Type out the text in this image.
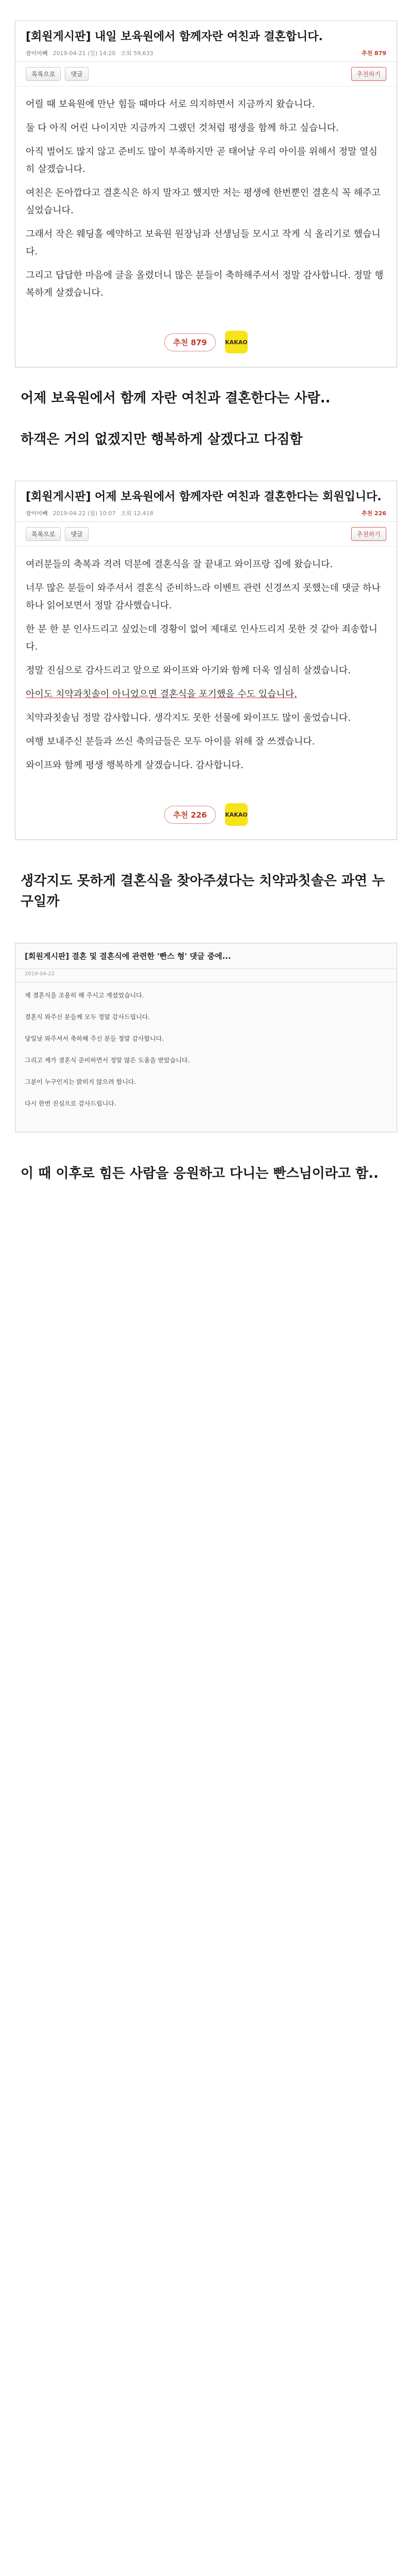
[회원게시판] 내일 보육원에서 함께자란 여친과 결혼합니다.
잠이이빼 2019-04-21 (일) 14:20 조회 59,633	추천 879
목록으로	댓글	추천하기

어릴 때 보육원에 만난 힘들 때마다 서로 의지하면서 지금까지 왔습니다.

둘 다 아직 어린 나이지만 지금까지 그랬던 것처럼 평생을 함께 하고 싶습니다.

아직 벌어도 많지 않고 준비도 많이 부족하지만 곧 태어날 우리 아이를 위해서 정말 열심히 살겠습니다.

여친은 돈아깝다고 결혼식은 하지 말자고 했지만 저는 평생에 한번뿐인 결혼식 꼭 해주고 싶었습니다.

그래서 작은 웨딩홀 예약하고 보육원 원장님과 선생님들 모시고 작게 식 올리기로 했습니다.

그리고 답답한 마음에 글을 올렸더니 많은 분들이 축하해주셔서 정말 감사합니다. 정말 행복하게 살겠습니다.

추천 879	KAKAO

어제 보육원에서 함께 자란 여친과 결혼한다는 사람..

하객은 거의 없겠지만 행복하게 살겠다고 다짐함

[회원게시판] 어제 보육원에서 함께자란 여친과 결혼한다는 회원입니다.
잠이이빼 2019-04-22 (월) 10:07 조회 12,418	추천 226
목록으로	댓글	추천하기

여러분들의 축복과 격려 덕분에 결혼식을 잘 끝내고 와이프랑 집에 왔습니다.

너무 많은 분들이 와주셔서 결혼식 준비하느라 이벤트 관련 신경쓰지 못했는데 댓글 하나하나 읽어보면서 정말 감사했습니다.

한 분 한 분 인사드리고 싶었는데 경황이 없어 제대로 인사드리지 못한 것 같아 죄송합니다.

정말 진심으로 감사드리고 앞으로 와이프와 아기와 함께 더욱 열심히 살겠습니다.

아이도 치약과칫솔이 아니었으면 결혼식을 포기했을 수도 있습니다.

치약과칫솔님 정말 감사합니다. 생각지도 못한 선물에 와이프도 많이 울었습니다.

여행 보내주신 분들과 쓰신 축의금들은 모두 아이를 위해 잘 쓰겠습니다.

와이프와 함께 평생 행복하게 살겠습니다. 감사합니다.

추천 226	KAKAO

생각지도 못하게 결혼식을 찾아주셨다는 치약과칫솔은 과연 누구일까

[회원게시판] 결혼 및 결혼식에 관련한 '빤스 형' 댓글 중에...
2019-04-22

제 결혼식을 조용히 해 주시고 계셨었습니다.

결혼식 와주신 분들께 모두 정말 감사드립니다.

당일날 와주셔서 축하해 주신 분들 정말 감사합니다.

그리고 제가 결혼식 준비하면서 정말 많은 도움을 받았습니다.

그분이 누구인지는 밝히지 않으려 합니다.

다시 한번 진심으로 감사드립니다.

이 때 이후로 힘든 사람을 응원하고 다니는 빤스님이라고 함..
